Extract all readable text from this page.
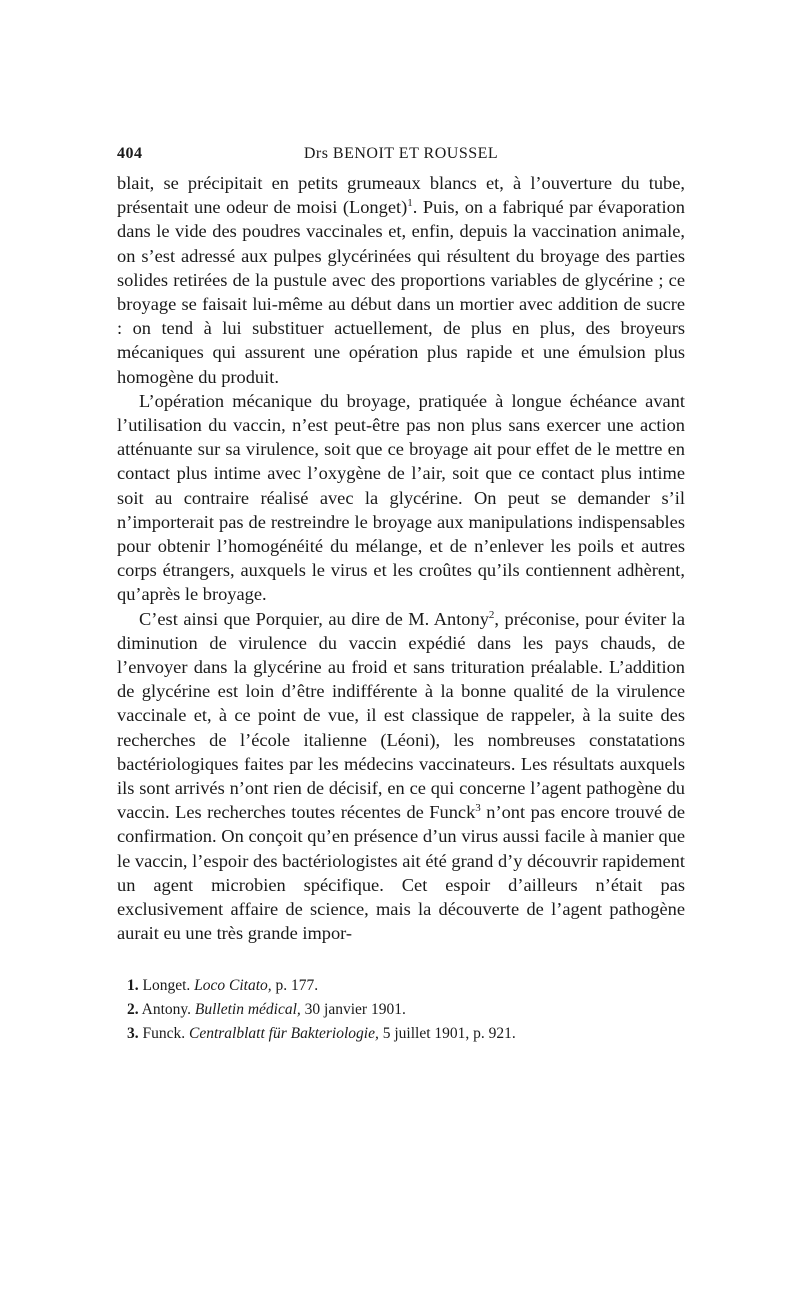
404	Drs BENOIT ET ROUSSEL

blait, se précipitait en petits grumeaux blancs et, à l’ouverture du tube, présentait une odeur de moisi (Longet)$^1$. Puis, on a fabriqué par évaporation dans le vide des poudres vaccinales et, enfin, depuis la vaccination animale, on s’est adressé aux pulpes glycérinées qui résultent du broyage des parties solides retirées de la pustule avec des proportions variables de glycérine ; ce broyage se faisait lui-même au début dans un mortier avec addition de sucre : on tend à lui substituer actuellement, de plus en plus, des broyeurs mécaniques qui assurent une opération plus rapide et une émulsion plus homogène du produit.

L’opération mécanique du broyage, pratiquée à longue échéance avant l’utilisation du vaccin, n’est peut-être pas non plus sans exercer une action atténuante sur sa virulence, soit que ce broyage ait pour effet de le mettre en contact plus intime avec l’oxygène de l’air, soit que ce contact plus intime soit au contraire réalisé avec la glycérine. On peut se demander s’il n’importerait pas de restreindre le broyage aux manipulations indispensables pour obtenir l’homogénéité du mélange, et de n’enlever les poils et autres corps étrangers, auxquels le virus et les croûtes qu’ils contiennent adhèrent, qu’après le broyage.

C’est ainsi que Porquier, au dire de M. Antony$^2$, préconise, pour éviter la diminution de virulence du vaccin expédié dans les pays chauds, de l’envoyer dans la glycérine au froid et sans trituration préalable. L’addition de glycérine est loin d’être indifférente à la bonne qualité de la virulence vaccinale et, à ce point de vue, il est classique de rappeler, à la suite des recherches de l’école italienne (Léoni), les nombreuses constatations bactériologiques faites par les médecins vaccinateurs. Les résultats auxquels ils sont arrivés n’ont rien de décisif, en ce qui concerne l’agent pathogène du vaccin. Les recherches toutes récentes de Funck$^3$ n’ont pas encore trouvé de confirmation. On conçoit qu’en présence d’un virus aussi facile à manier que le vaccin, l’espoir des bactériologistes ait été grand d’y découvrir rapidement un agent microbien spécifique. Cet espoir d’ailleurs n’était pas exclusivement affaire de science, mais la découverte de l’agent pathogène aurait eu une très grande impor-

1. Longet. Loco Citato, p. 177.
2. Antony. Bulletin médical, 30 janvier 1901.
3. Funck. Centralblatt für Bakteriologie, 5 juillet 1901, p. 921.
